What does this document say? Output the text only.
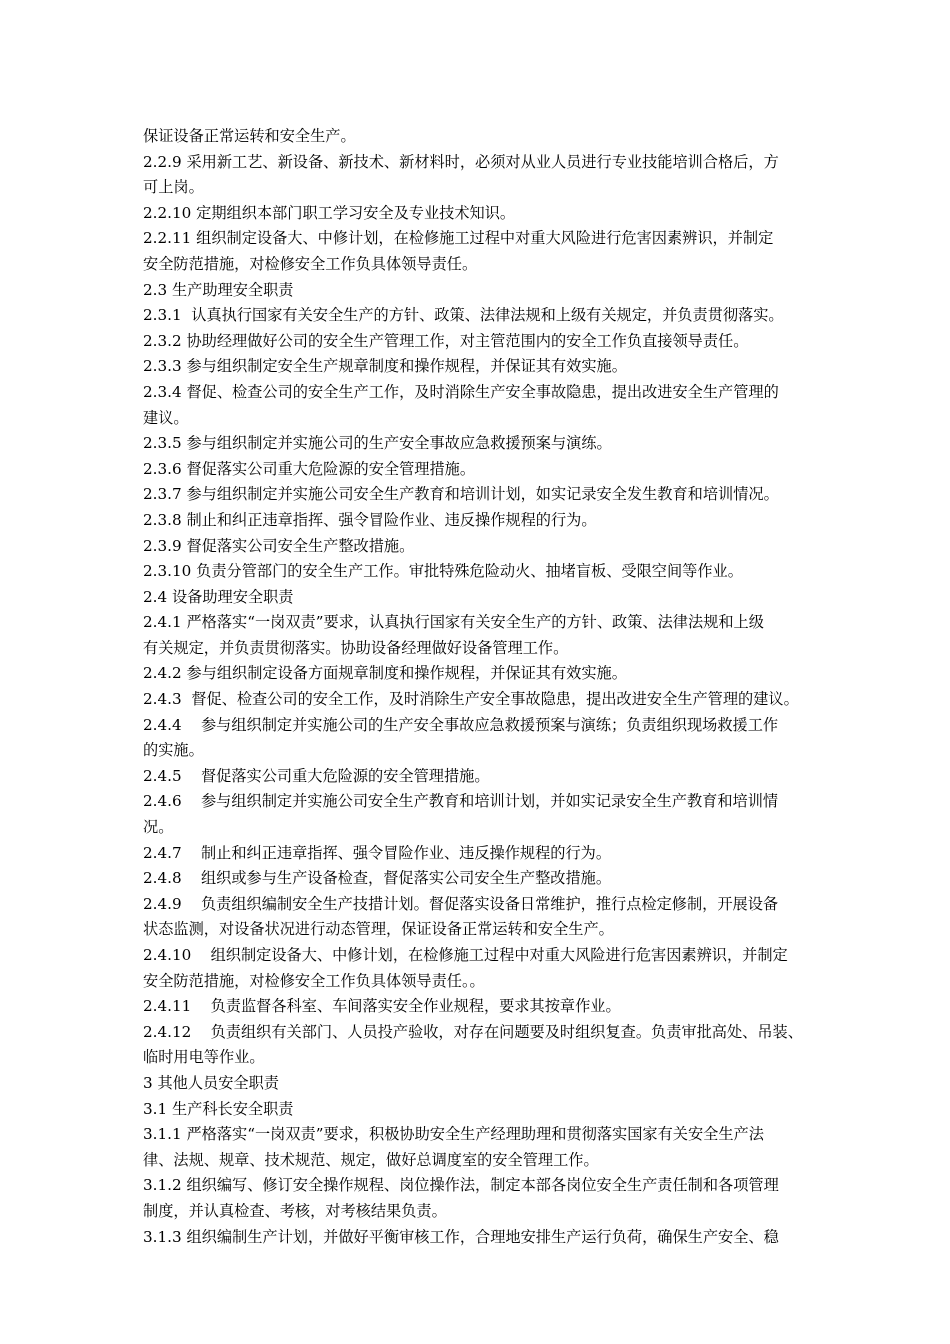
保证设备正常运转和安全生产。
2.2.9 采用新工艺、新设备、新技术、新材料时，必须对从业人员进行专业技能培训合格后，方
可上岗。
2.2.10 定期组织本部门职工学习安全及专业技术知识。
2.2.11 组织制定设备大、中修计划，在检修施工过程中对重大风险进行危害因素辨识，并制定
安全防范措施，对检修安全工作负具体领导责任。
2.3 生产助理安全职责
2.3.1  认真执行国家有关安全生产的方针、政策、法律法规和上级有关规定，并负责贯彻落实。
2.3.2 协助经理做好公司的安全生产管理工作，对主管范围内的安全工作负直接领导责任。
2.3.3 参与组织制定安全生产规章制度和操作规程，并保证其有效实施。
2.3.4 督促、检查公司的安全生产工作，及时消除生产安全事故隐患，提出改进安全生产管理的
建议。
2.3.5 参与组织制定并实施公司的生产安全事故应急救援预案与演练。
2.3.6 督促落实公司重大危险源的安全管理措施。
2.3.7 参与组织制定并实施公司安全生产教育和培训计划，如实记录安全发生教育和培训情况。
2.3.8 制止和纠正违章指挥、强令冒险作业、违反操作规程的行为。
2.3.9 督促落实公司安全生产整改措施。
2.3.10 负责分管部门的安全生产工作。审批特殊危险动火、抽堵盲板、受限空间等作业。
2.4 设备助理安全职责
2.4.1 严格落实“一岗双责”要求，认真执行国家有关安全生产的方针、政策、法律法规和上级
有关规定，并负责贯彻落实。协助设备经理做好设备管理工作。
2.4.2 参与组织制定设备方面规章制度和操作规程，并保证其有效实施。
2.4.3  督促、检查公司的安全工作，及时消除生产安全事故隐患，提出改进安全生产管理的建议。
2.4.4    参与组织制定并实施公司的生产安全事故应急救援预案与演练；负责组织现场救援工作
的实施。
2.4.5    督促落实公司重大危险源的安全管理措施。
2.4.6    参与组织制定并实施公司安全生产教育和培训计划，并如实记录安全生产教育和培训情
况。
2.4.7    制止和纠正违章指挥、强令冒险作业、违反操作规程的行为。
2.4.8    组织或参与生产设备检查，督促落实公司安全生产整改措施。
2.4.9    负责组织编制安全生产技措计划。督促落实设备日常维护，推行点检定修制，开展设备
状态监测，对设备状况进行动态管理，保证设备正常运转和安全生产。
2.4.10    组织制定设备大、中修计划，在检修施工过程中对重大风险进行危害因素辨识，并制定
安全防范措施，对检修安全工作负具体领导责任。。
2.4.11    负责监督各科室、车间落实安全作业规程，要求其按章作业。
2.4.12    负责组织有关部门、人员投产验收，对存在问题要及时组织复查。负责审批高处、吊装、
临时用电等作业。
3 其他人员安全职责
3.1 生产科长安全职责
3.1.1 严格落实“一岗双责”要求，积极协助安全生产经理助理和贯彻落实国家有关安全生产法
律、法规、规章、技术规范、规定，做好总调度室的安全管理工作。
3.1.2 组织编写、修订安全操作规程、岗位操作法，制定本部各岗位安全生产责任制和各项管理
制度，并认真检查、考核，对考核结果负责。
3.1.3 组织编制生产计划，并做好平衡审核工作，合理地安排生产运行负荷，确保生产安全、稳
